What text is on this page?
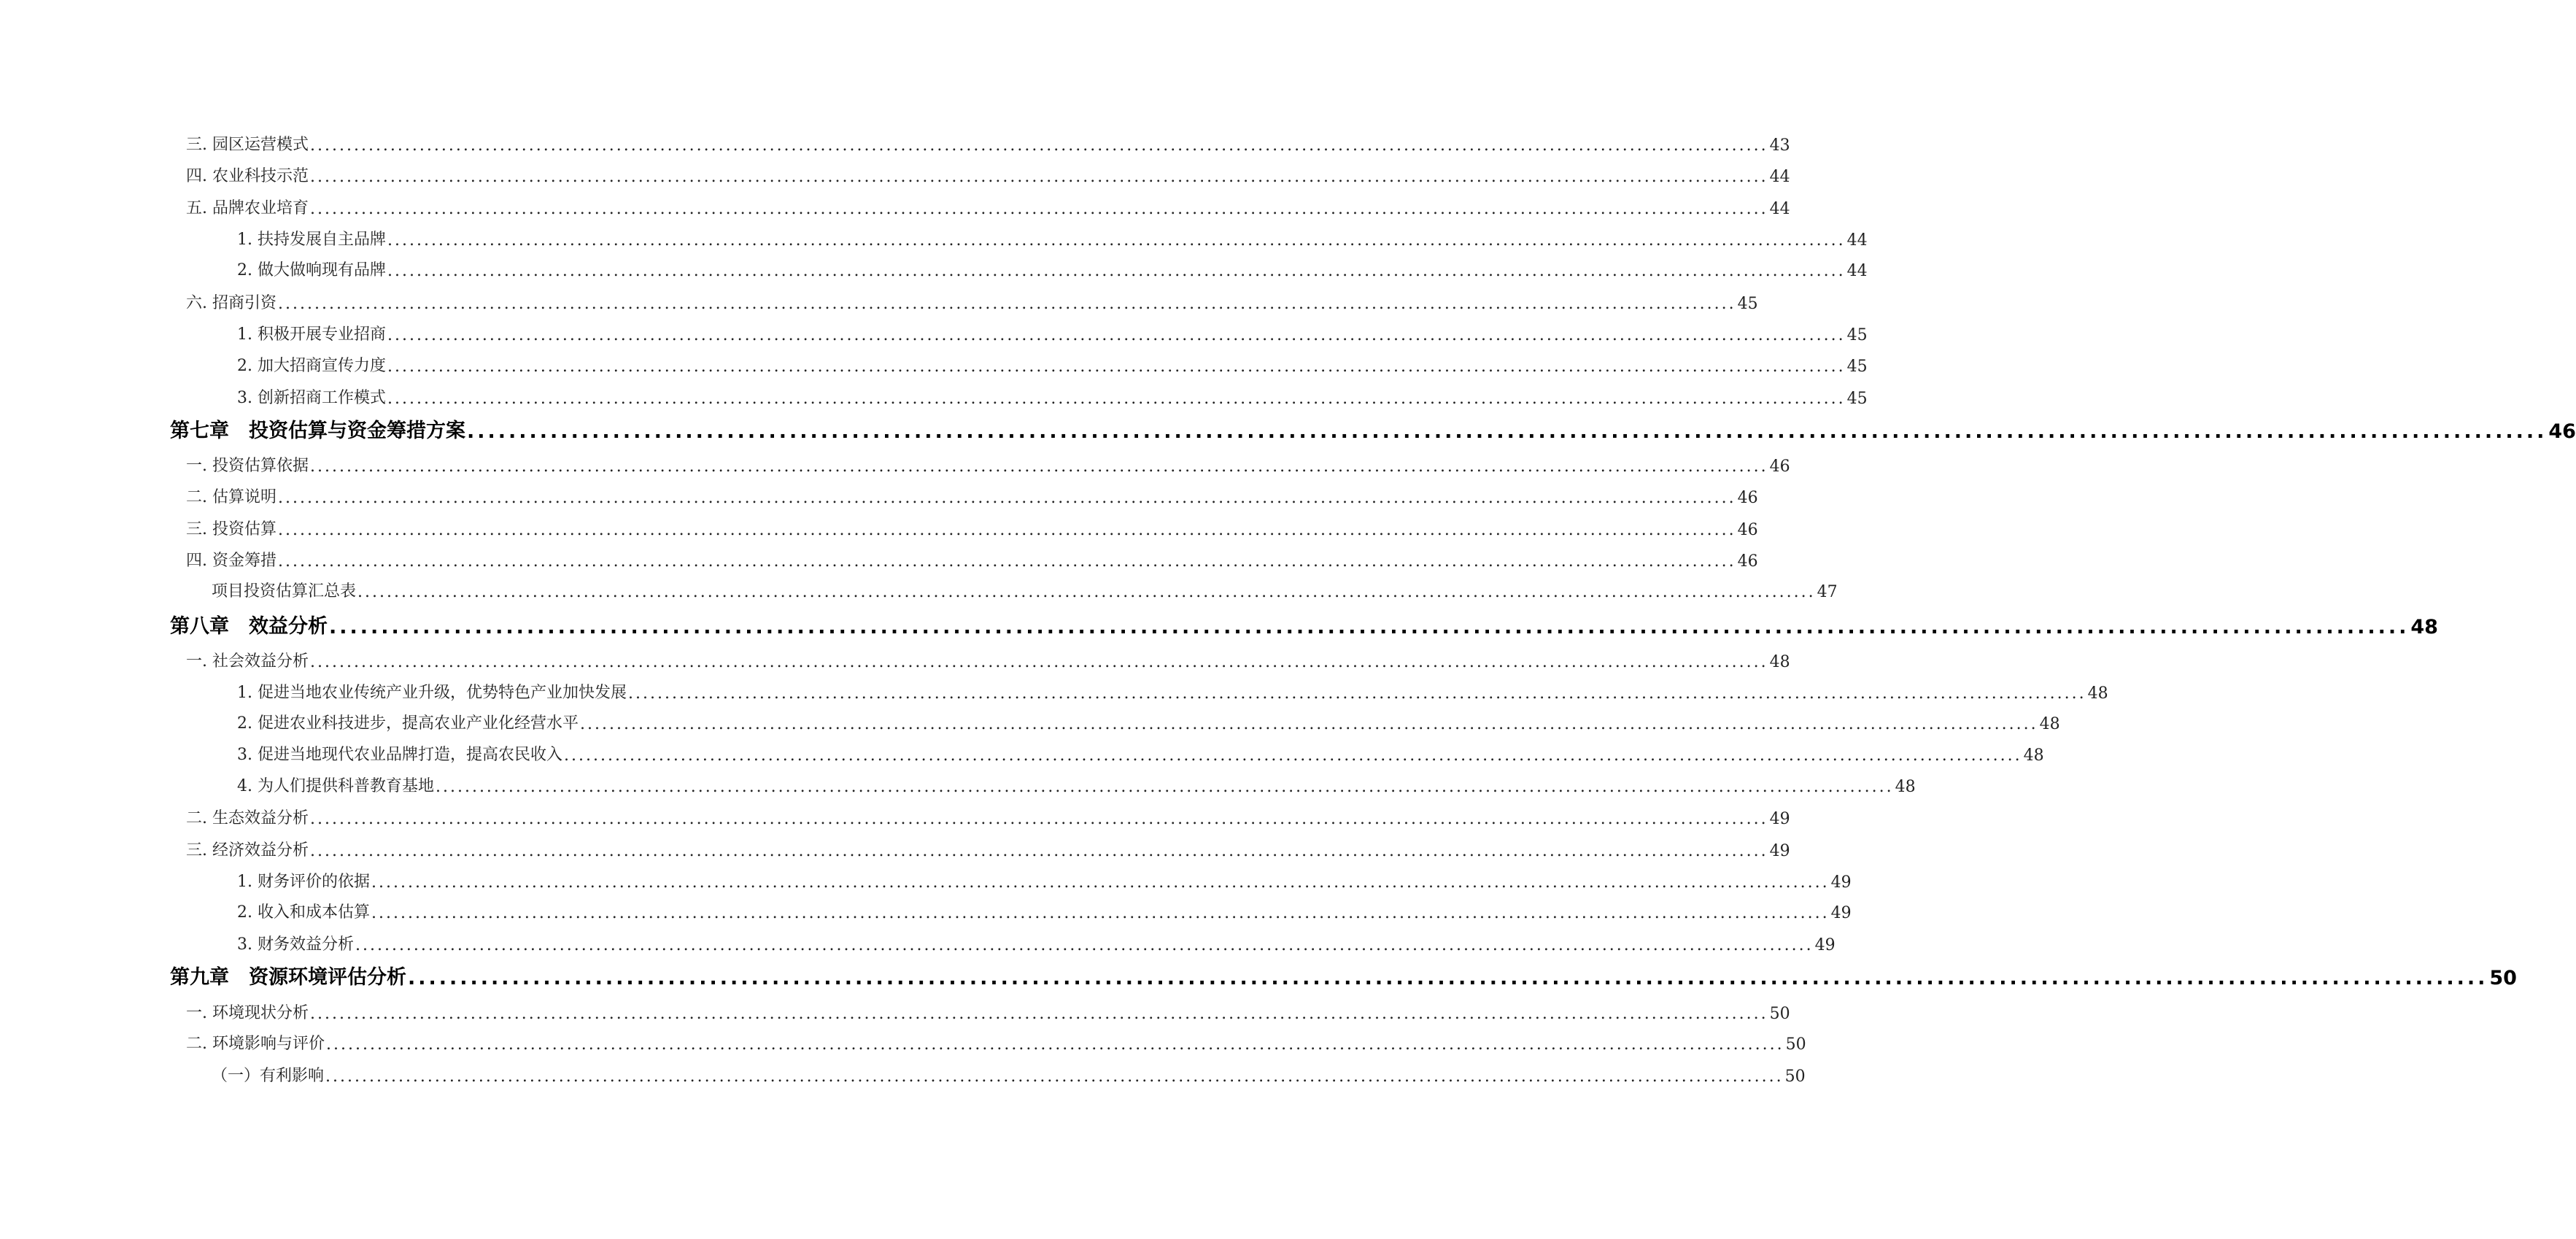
三. 园区运营模式 ........................................................................................................................................................................................................ 43
四. 农业科技示范 ........................................................................................................................................................................................................ 44
五. 品牌农业培育 ........................................................................................................................................................................................................ 44
1. 扶持发展自主品牌 ........................................................................................................................................................................................................ 44
2. 做大做响现有品牌 ........................................................................................................................................................................................................ 44
六. 招商引资 ........................................................................................................................................................................................................ 45
1. 积极开展专业招商 ........................................................................................................................................................................................................ 45
2. 加大招商宣传力度 ........................................................................................................................................................................................................ 45
3. 创新招商工作模式 ........................................................................................................................................................................................................ 45
第七章　投资估算与资金筹措方案 ........................................................................................................................................................................................................ 46
一. 投资估算依据 ........................................................................................................................................................................................................ 46
二. 估算说明 ........................................................................................................................................................................................................ 46
三. 投资估算 ........................................................................................................................................................................................................ 46
四. 资金筹措 ........................................................................................................................................................................................................ 46
项目投资估算汇总表 ........................................................................................................................................................................................................ 47
第八章　效益分析 ........................................................................................................................................................................................................ 48
一. 社会效益分析 ........................................................................................................................................................................................................ 48
1. 促进当地农业传统产业升级，优势特色产业加快发展 ........................................................................................................................................................................................................ 48
2. 促进农业科技进步，提高农业产业化经营水平 ........................................................................................................................................................................................................ 48
3. 促进当地现代农业品牌打造，提高农民收入 ........................................................................................................................................................................................................ 48
4. 为人们提供科普教育基地 ........................................................................................................................................................................................................ 48
二. 生态效益分析 ........................................................................................................................................................................................................ 49
三. 经济效益分析 ........................................................................................................................................................................................................ 49
1. 财务评价的依据 ........................................................................................................................................................................................................ 49
2. 收入和成本估算 ........................................................................................................................................................................................................ 49
3. 财务效益分析 ........................................................................................................................................................................................................ 49
第九章　资源环境评估分析 ........................................................................................................................................................................................................ 50
一. 环境现状分析 ........................................................................................................................................................................................................ 50
二. 环境影响与评价 ........................................................................................................................................................................................................ 50
（一）有利影响 ........................................................................................................................................................................................................ 50
